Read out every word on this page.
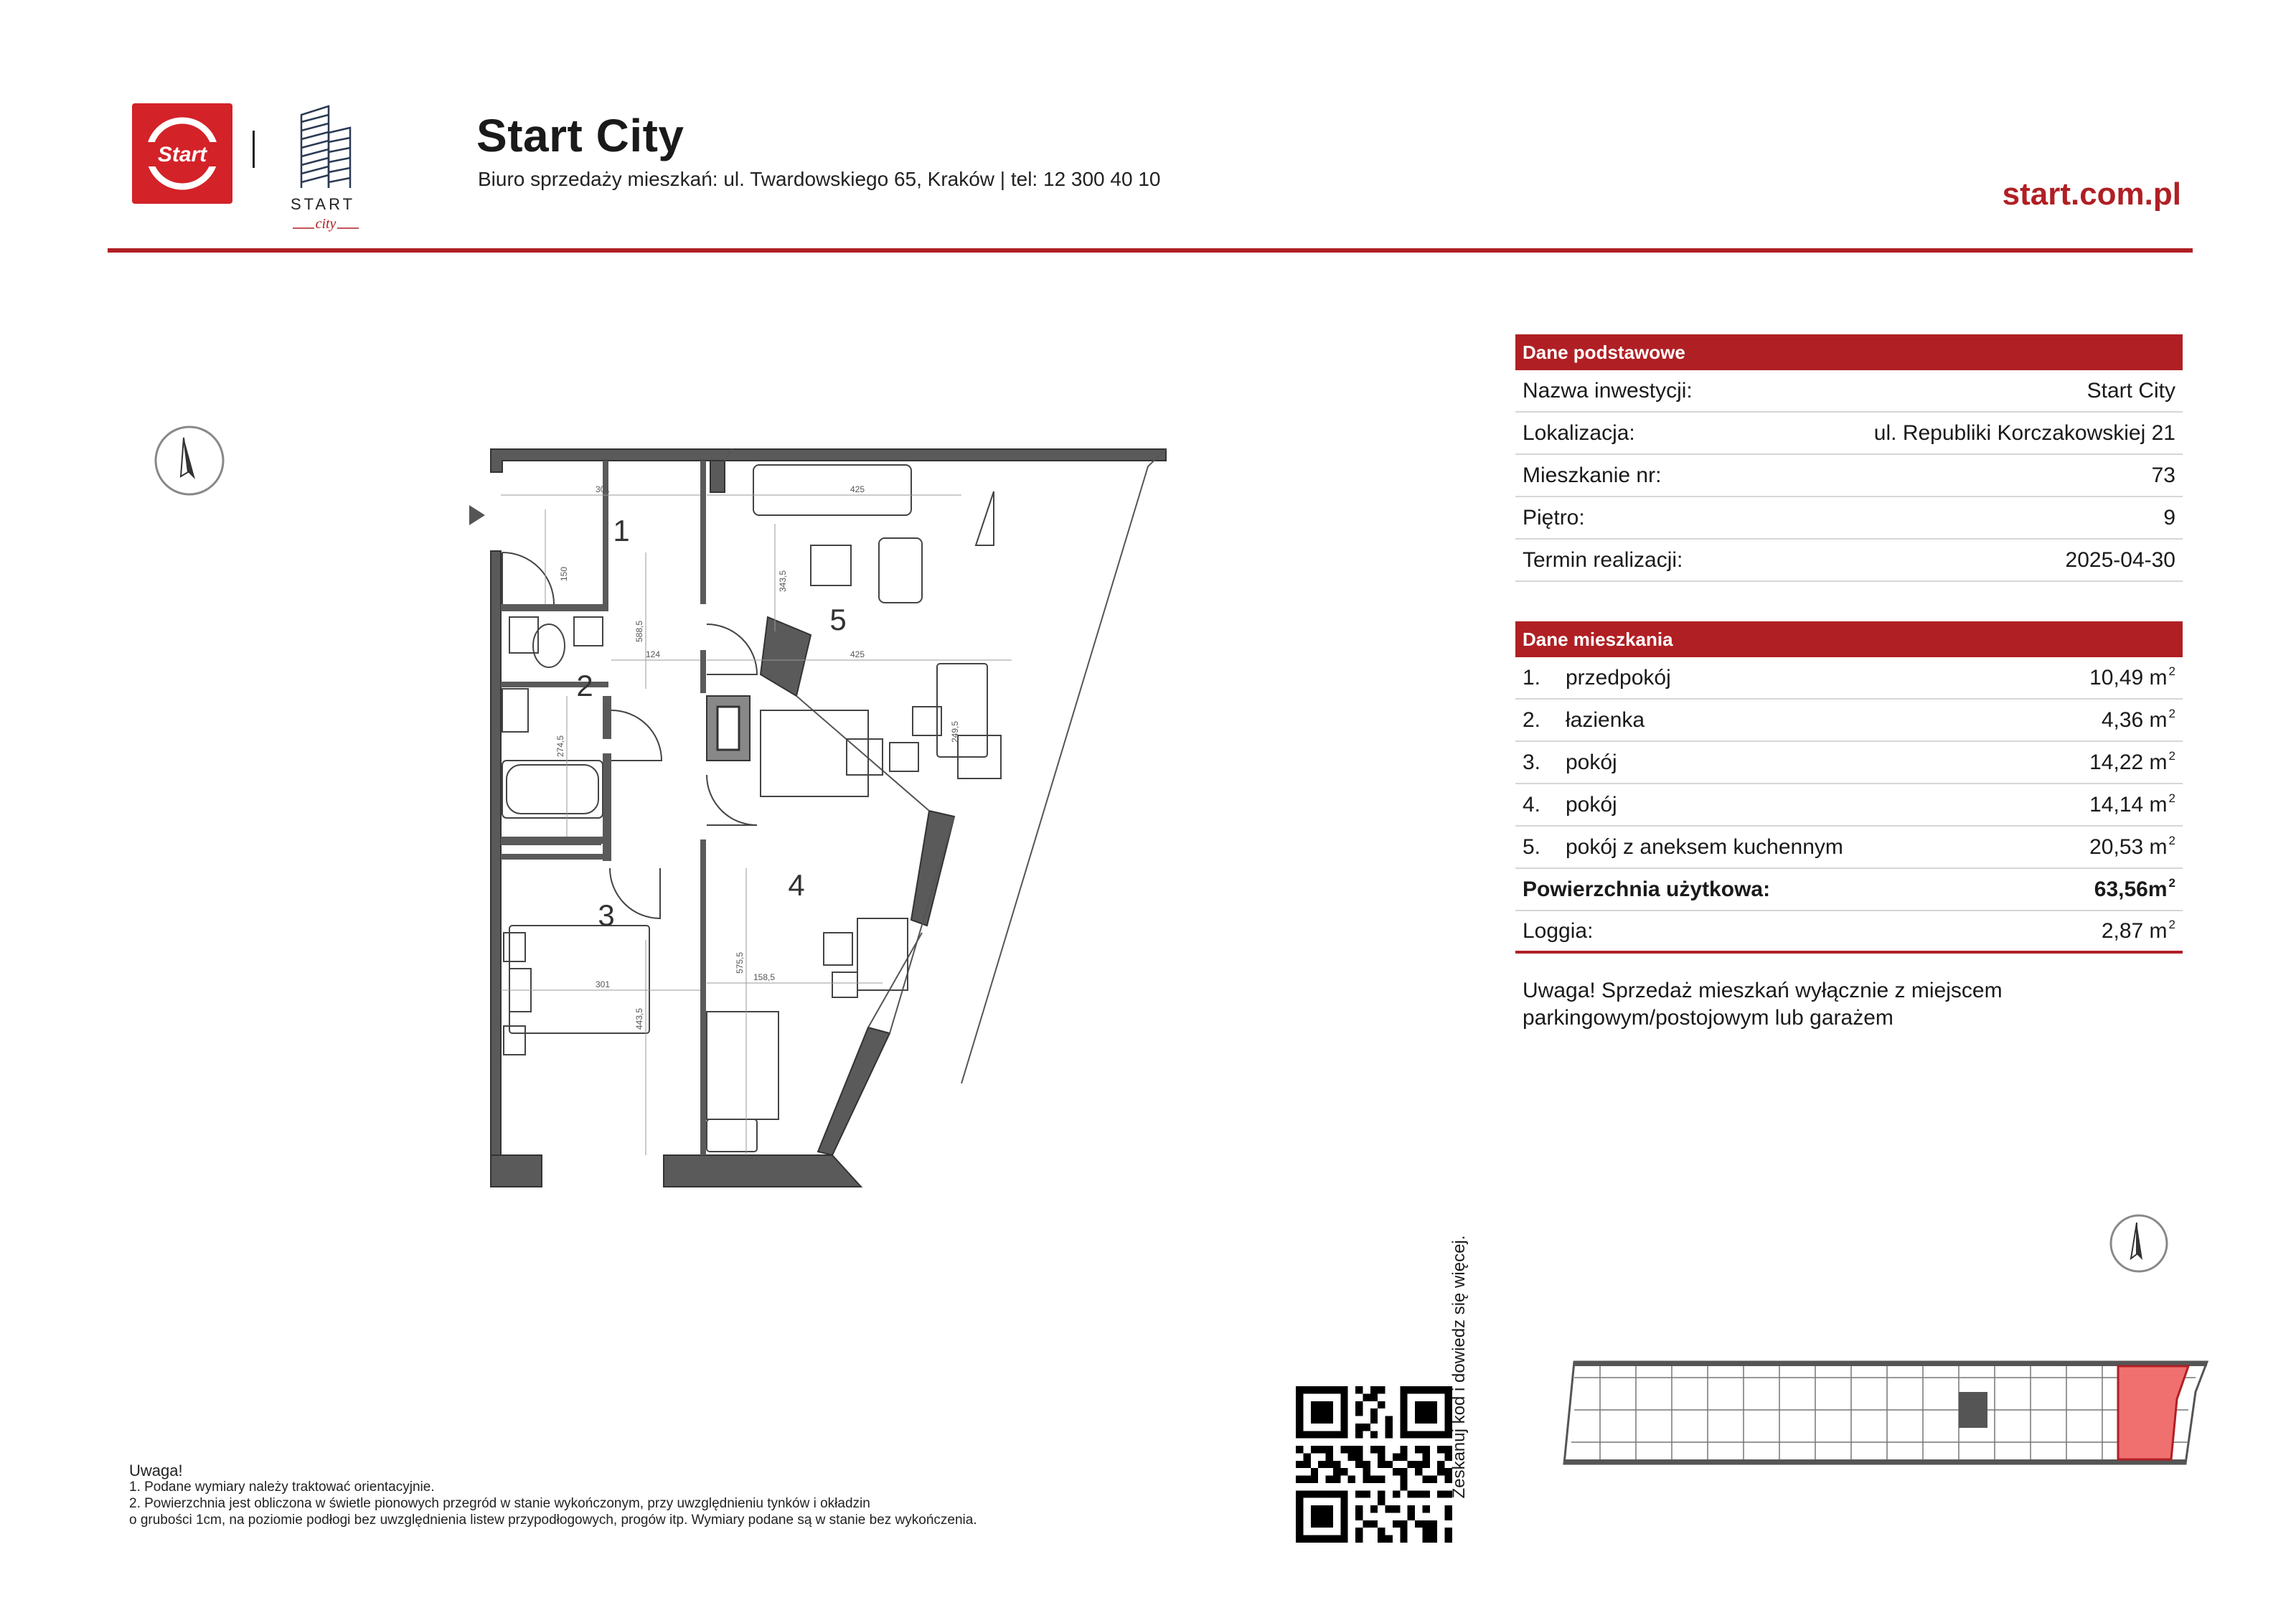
Start
START
city
Start City
Biuro sprzedaży mieszkań: ul. Twardowskiego 65, Kraków | tel: 12 300 40 10	start.com.pl
Dane podstawowe
Nazwa inwestycji:	Start City
Lokalizacja:	ul. Republiki Korczakowskiej 21
Mieszkanie nr:	73
Piętro:	9
Termin realizacji:	2025-04-30
Dane mieszkania
1.	przedpokój	10,49 m $^2$
2.	łazienka	4,36 m $^2$
3.	pokój	14,22 m $^2$
4.	pokój	14,14 m $^2$
5.	pokój z aneksem kuchennym	20,53 m $^2$
Powierzchnia użytkowa:	63,56m $^2$
Loggia:	2,87 m $^2$
Uwaga! Sprzedaż mieszkań wyłącznie z miejscem parkingowym/postojowym lub garażem
1
2
3
4
5
301	425
150	343,5
588,5
124	425
274,5
575,5
158,5
301
443,5
249,5
Zeskanuj kod i dowiedz się więcej.
Uwaga!
1. Podane wymiary należy traktować orientacyjnie.
2. Powierzchnia jest obliczona w świetle pionowych przegród w stanie wykończonym, przy uwzględnieniu tynków i okładzin
o grubości 1cm, na poziomie podłogi bez uwzględnienia listew przypodłogowych, progów itp. Wymiary podane są w stanie bez wykończenia.
